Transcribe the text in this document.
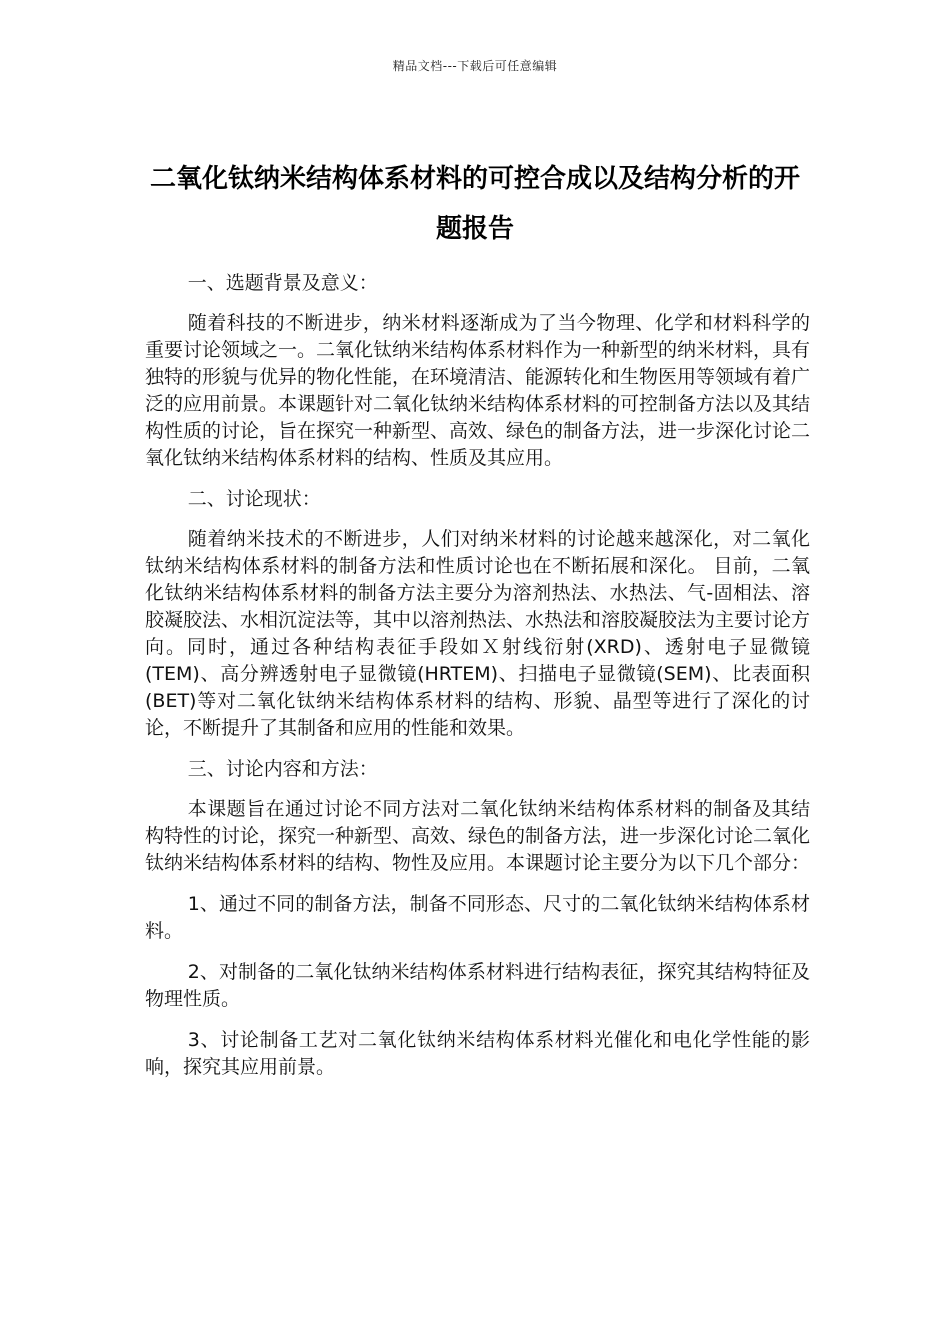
精品文档---下载后可任意编辑
二氧化钛纳米结构体系材料的可控合成以及结构分析的开题报告

一、选题背景及意义：

随着科技的不断进步，纳米材料逐渐成为了当今物理、化学和材料科学的重要讨论领域之一。二氧化钛纳米结构体系材料作为一种新型的纳米材料，具有独特的形貌与优异的物化性能，在环境清洁、能源转化和生物医用等领域有着广泛的应用前景。本课题针对二氧化钛纳米结构体系材料的可控制备方法以及其结构性质的讨论，旨在探究一种新型、高效、绿色的制备方法，进一步深化讨论二氧化钛纳米结构体系材料的结构、性质及其应用。

二、讨论现状：

随着纳米技术的不断进步，人们对纳米材料的讨论越来越深化，对二氧化钛纳米结构体系材料的制备方法和性质讨论也在不断拓展和深化。 目前，二氧化钛纳米结构体系材料的制备方法主要分为溶剂热法、水热法、气-固相法、溶胶凝胶法、水相沉淀法等，其中以溶剂热法、水热法和溶胶凝胶法为主要讨论方向。同时，通过各种结构表征手段如Ｘ射线衍射(XRD)、透射电子显微镜(TEM)、高分辨透射电子显微镜(HRTEM)、扫描电子显微镜(SEM)、比表面积(BET)等对二氧化钛纳米结构体系材料的结构、形貌、晶型等进行了深化的讨论，不断提升了其制备和应用的性能和效果。

三、讨论内容和方法：

本课题旨在通过讨论不同方法对二氧化钛纳米结构体系材料的制备及其结构特性的讨论，探究一种新型、高效、绿色的制备方法，进一步深化讨论二氧化钛纳米结构体系材料的结构、物性及应用。本课题讨论主要分为以下几个部分：

1、通过不同的制备方法，制备不同形态、尺寸的二氧化钛纳米结构体系材料。

2、对制备的二氧化钛纳米结构体系材料进行结构表征，探究其结构特征及物理性质。

3、讨论制备工艺对二氧化钛纳米结构体系材料光催化和电化学性能的影响，探究其应用前景。
